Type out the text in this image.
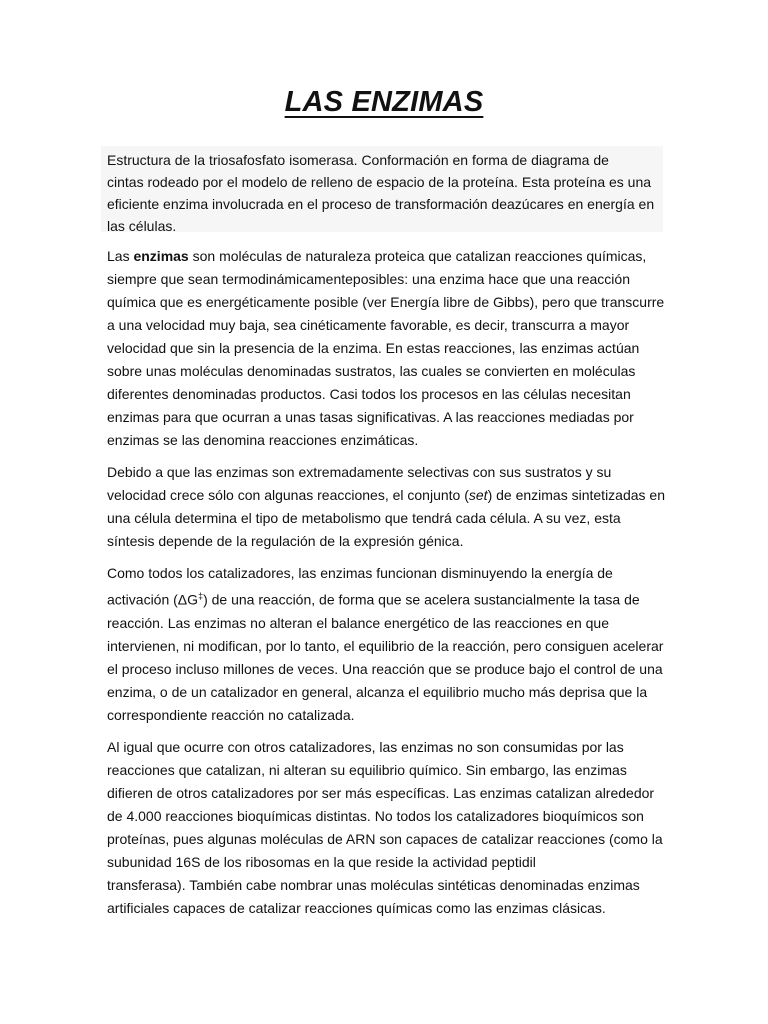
LAS ENZIMAS
Estructura de la triosafosfato isomerasa. Conformación en forma de diagrama de
cintas rodeado por el modelo de relleno de espacio de la proteína. Esta proteína es una
eficiente enzima involucrada en el proceso de transformación deazúcares en energía en
las células.

Las enzimas son moléculas de naturaleza proteica que catalizan reacciones químicas,
siempre que sean termodinámicamenteposibles: una enzima hace que una reacción
química que es energéticamente posible (ver Energía libre de Gibbs), pero que transcurre
a una velocidad muy baja, sea cinéticamente favorable, es decir, transcurra a mayor
velocidad que sin la presencia de la enzima. En estas reacciones, las enzimas actúan
sobre unas moléculas denominadas sustratos, las cuales se convierten en moléculas
diferentes denominadas productos. Casi todos los procesos en las células necesitan
enzimas para que ocurran a unas tasas significativas. A las reacciones mediadas por
enzimas se las denomina reacciones enzimáticas.

Debido a que las enzimas son extremadamente selectivas con sus sustratos y su
velocidad crece sólo con algunas reacciones, el conjunto (set) de enzimas sintetizadas en
una célula determina el tipo de metabolismo que tendrá cada célula. A su vez, esta
síntesis depende de la regulación de la expresión génica.

Como todos los catalizadores, las enzimas funcionan disminuyendo la energía de
activación (ΔG‡) de una reacción, de forma que se acelera sustancialmente la tasa de
reacción. Las enzimas no alteran el balance energético de las reacciones en que
intervienen, ni modifican, por lo tanto, el equilibrio de la reacción, pero consiguen acelerar
el proceso incluso millones de veces. Una reacción que se produce bajo el control de una
enzima, o de un catalizador en general, alcanza el equilibrio mucho más deprisa que la
correspondiente reacción no catalizada.

Al igual que ocurre con otros catalizadores, las enzimas no son consumidas por las
reacciones que catalizan, ni alteran su equilibrio químico. Sin embargo, las enzimas
difieren de otros catalizadores por ser más específicas. Las enzimas catalizan alrededor
de 4.000 reacciones bioquímicas distintas. No todos los catalizadores bioquímicos son
proteínas, pues algunas moléculas de ARN son capaces de catalizar reacciones (como la
subunidad 16S de los ribosomas en la que reside la actividad peptidil
transferasa). También cabe nombrar unas moléculas sintéticas denominadas enzimas
artificiales capaces de catalizar reacciones químicas como las enzimas clásicas.
